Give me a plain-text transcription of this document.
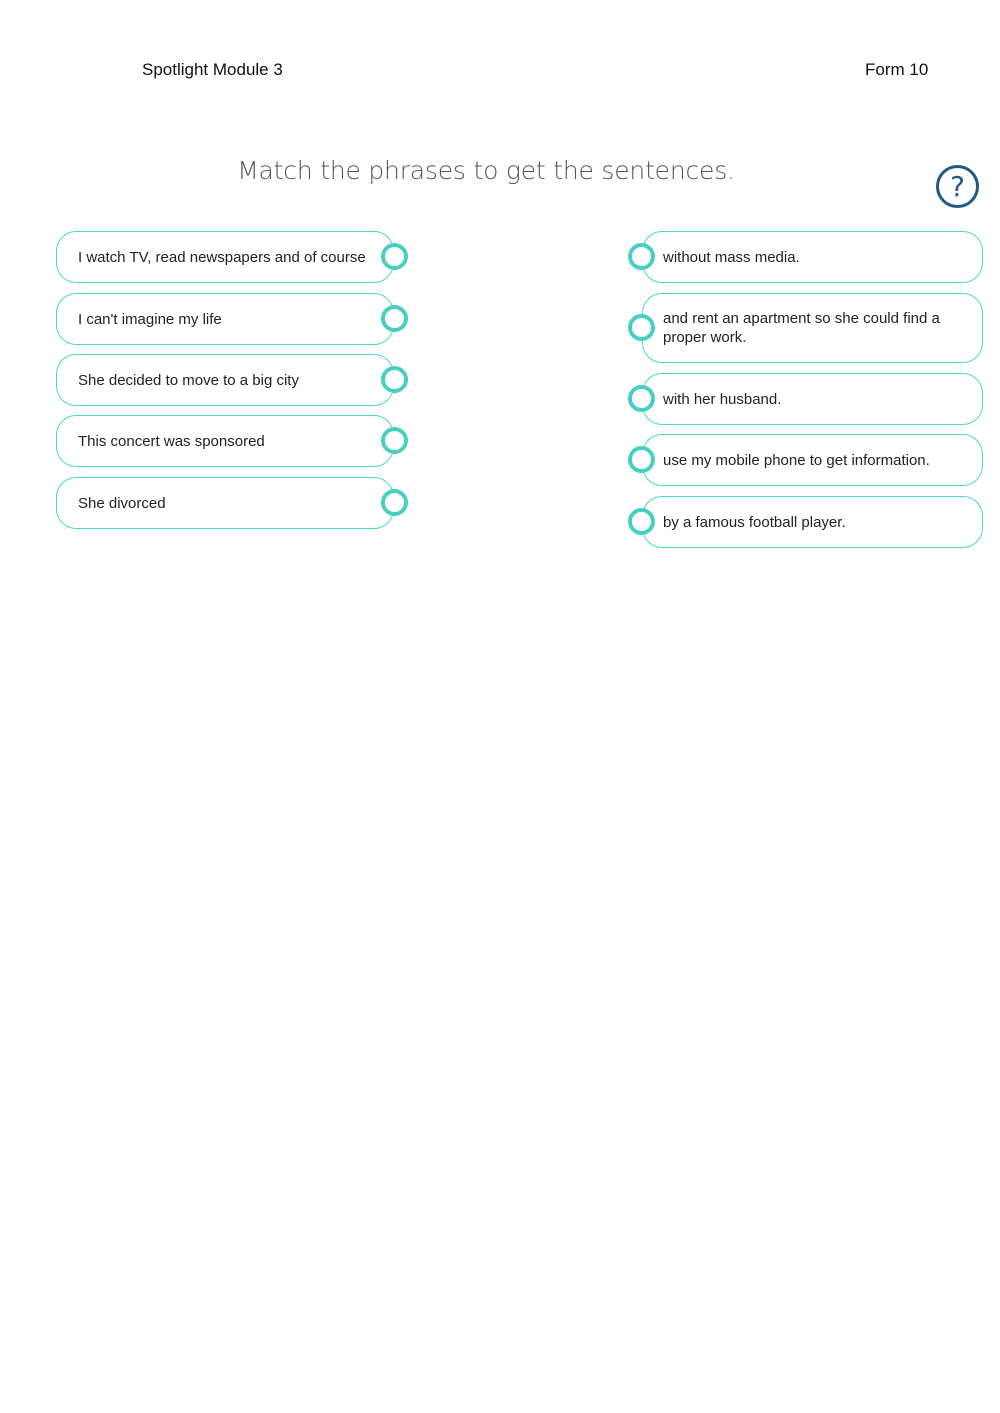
Spotlight Module 3	Form 10
Match the phrases to get the sentences.	?
I watch TV, read newspapers and of course
I can't imagine my life
She decided to move to a big city
This concert was sponsored
She divorced
without mass media.
and rent an apartment so she could find a proper work.
with her husband.
use my mobile phone to get information.
by a famous football player.
